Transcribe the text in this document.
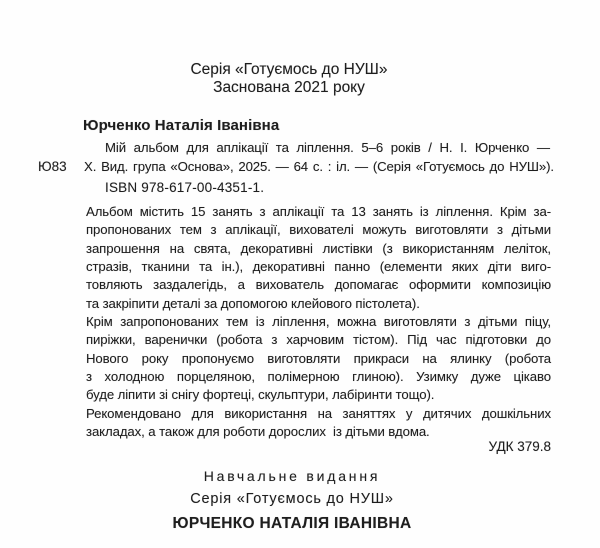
Серія «Готуємось до НУШ»
Заснована 2021 року
Юрченко Наталія Іванівна
Мій альбом для аплікації та ліплення. 5–6 років / Н. І. Юрченко —
Ю83 Х. Вид. група «Основа», 2025. — 64 с. : іл. — (Серія «Готуємось до НУШ»).
ISBN 978-617-00-4351-1.
Альбом містить 15 занять з аплікації та 13 занять із ліплення. Крім за-
пропонованих тем з аплікації, вихователі можуть виготовляти з дітьми
запрошення на свята, декоративні листівки (з використанням леліток,
стразів, тканини та ін.), декоративні панно (елементи яких діти виго-
товляють заздалегідь, а вихователь допомагає оформити композицію
та закріпити деталі за допомогою клейового пістолета).
Крім запропонованих тем із ліплення, можна виготовляти з дітьми піцу,
пиріжки, варенички (робота з харчовим тістом). Під час підготовки до
Нового року пропонуємо виготовляти прикраси на ялинку (робота
з холодною порцеляною, полімерною глиною). Узимку дуже цікаво
буде ліпити зі снігу фортеці, скульптури, лабіринти тощо).
Рекомендовано для використання на заняттях у дитячих дошкільних
закладах, а також для роботи дорослих  із дітьми вдома.
УДК 379.8
Навчальне видання
Серія «Готуємось до НУШ»
ЮРЧЕНКО НАТАЛІЯ ІВАНІВНА
